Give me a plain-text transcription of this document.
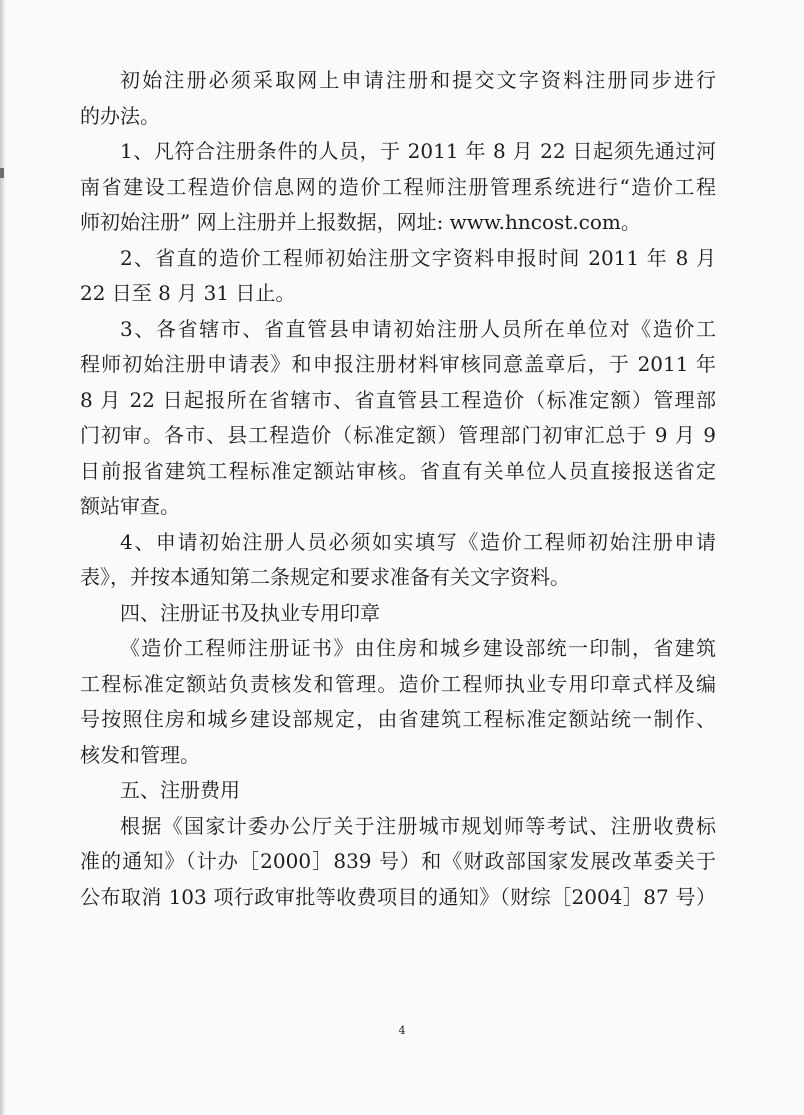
初始注册必须采取网上申请注册和提交文字资料注册同步进行
的办法。
1、凡符合注册条件的人员，于 2011 年 8 月 22 日起须先通过河
南省建设工程造价信息网的造价工程师注册管理系统进行“造价工程
师初始注册” 网上注册并上报数据，网址: www.hncost.com。
2、省直的造价工程师初始注册文字资料申报时间 2011 年 8 月
22 日至 8 月 31 日止。
3、各省辖市、省直管县申请初始注册人员所在单位对《造价工
程师初始注册申请表》和申报注册材料审核同意盖章后，于 2011 年
8 月 22 日起报所在省辖市、省直管县工程造价（标准定额）管理部
门初审。各市、县工程造价（标准定额）管理部门初审汇总于 9 月 9
日前报省建筑工程标准定额站审核。省直有关单位人员直接报送省定
额站审查。
4、申请初始注册人员必须如实填写《造价工程师初始注册申请
表》，并按本通知第二条规定和要求准备有关文字资料。
四、注册证书及执业专用印章
《造价工程师注册证书》由住房和城乡建设部统一印制，省建筑
工程标准定额站负责核发和管理。造价工程师执业专用印章式样及编
号按照住房和城乡建设部规定，由省建筑工程标准定额站统一制作、
核发和管理。
五、注册费用
根据《国家计委办公厅关于注册城市规划师等考试、注册收费标
准的通知》（计办［2000］839 号）和《财政部国家发展改革委关于
公布取消 103 项行政审批等收费项目的通知》（财综［2004］87 号）
4
